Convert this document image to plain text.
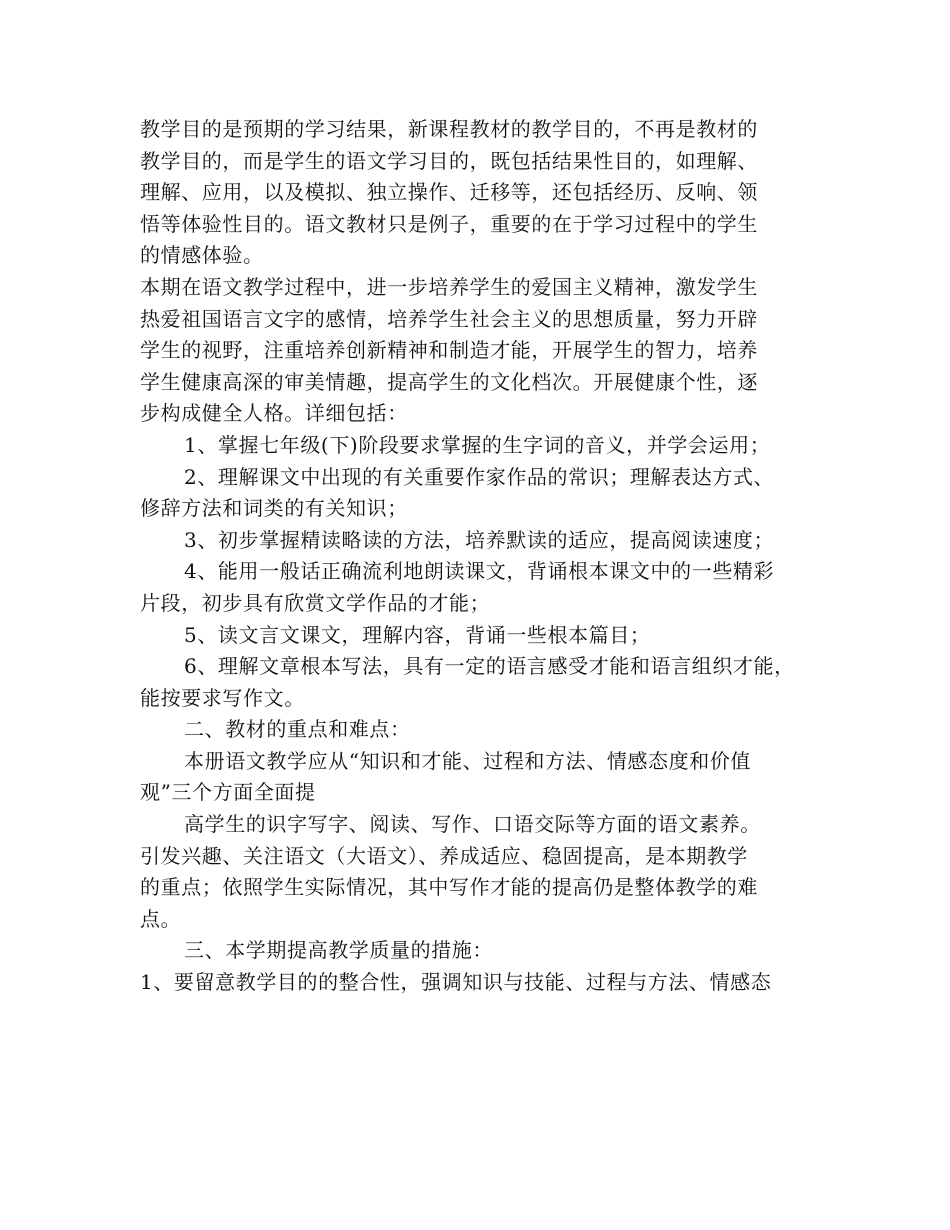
教学目的是预期的学习结果，新课程教材的教学目的，不再是教材的
教学目的，而是学生的语文学习目的，既包括结果性目的，如理解、
理解、应用，以及模拟、独立操作、迁移等，还包括经历、反响、领
悟等体验性目的。语文教材只是例子，重要的在于学习过程中的学生
的情感体验。
本期在语文教学过程中，进一步培养学生的爱国主义精神，激发学生
热爱祖国语言文字的感情，培养学生社会主义的思想质量，努力开辟
学生的视野，注重培养创新精神和制造才能，开展学生的智力，培养
学生健康高深的审美情趣，提高学生的文化档次。开展健康个性，逐
步构成健全人格。详细包括：
1、掌握七年级(下)阶段要求掌握的生字词的音义，并学会运用；
2、理解课文中出现的有关重要作家作品的常识；理解表达方式、
修辞方法和词类的有关知识；
3、初步掌握精读略读的方法，培养默读的适应，提高阅读速度；
4、能用一般话正确流利地朗读课文，背诵根本课文中的一些精彩
片段，初步具有欣赏文学作品的才能；
5、读文言文课文，理解内容，背诵一些根本篇目；
6、理解文章根本写法，具有一定的语言感受才能和语言组织才能，
能按要求写作文。
二、教材的重点和难点：
本册语文教学应从“知识和才能、过程和方法、情感态度和价值
观”三个方面全面提
高学生的识字写字、阅读、写作、口语交际等方面的语文素养。
引发兴趣、关注语文（大语文）、养成适应、稳固提高，是本期教学
的重点；依照学生实际情况，其中写作才能的提高仍是整体教学的难
点。
三、本学期提高教学质量的措施：
1、要留意教学目的的整合性，强调知识与技能、过程与方法、情感态
